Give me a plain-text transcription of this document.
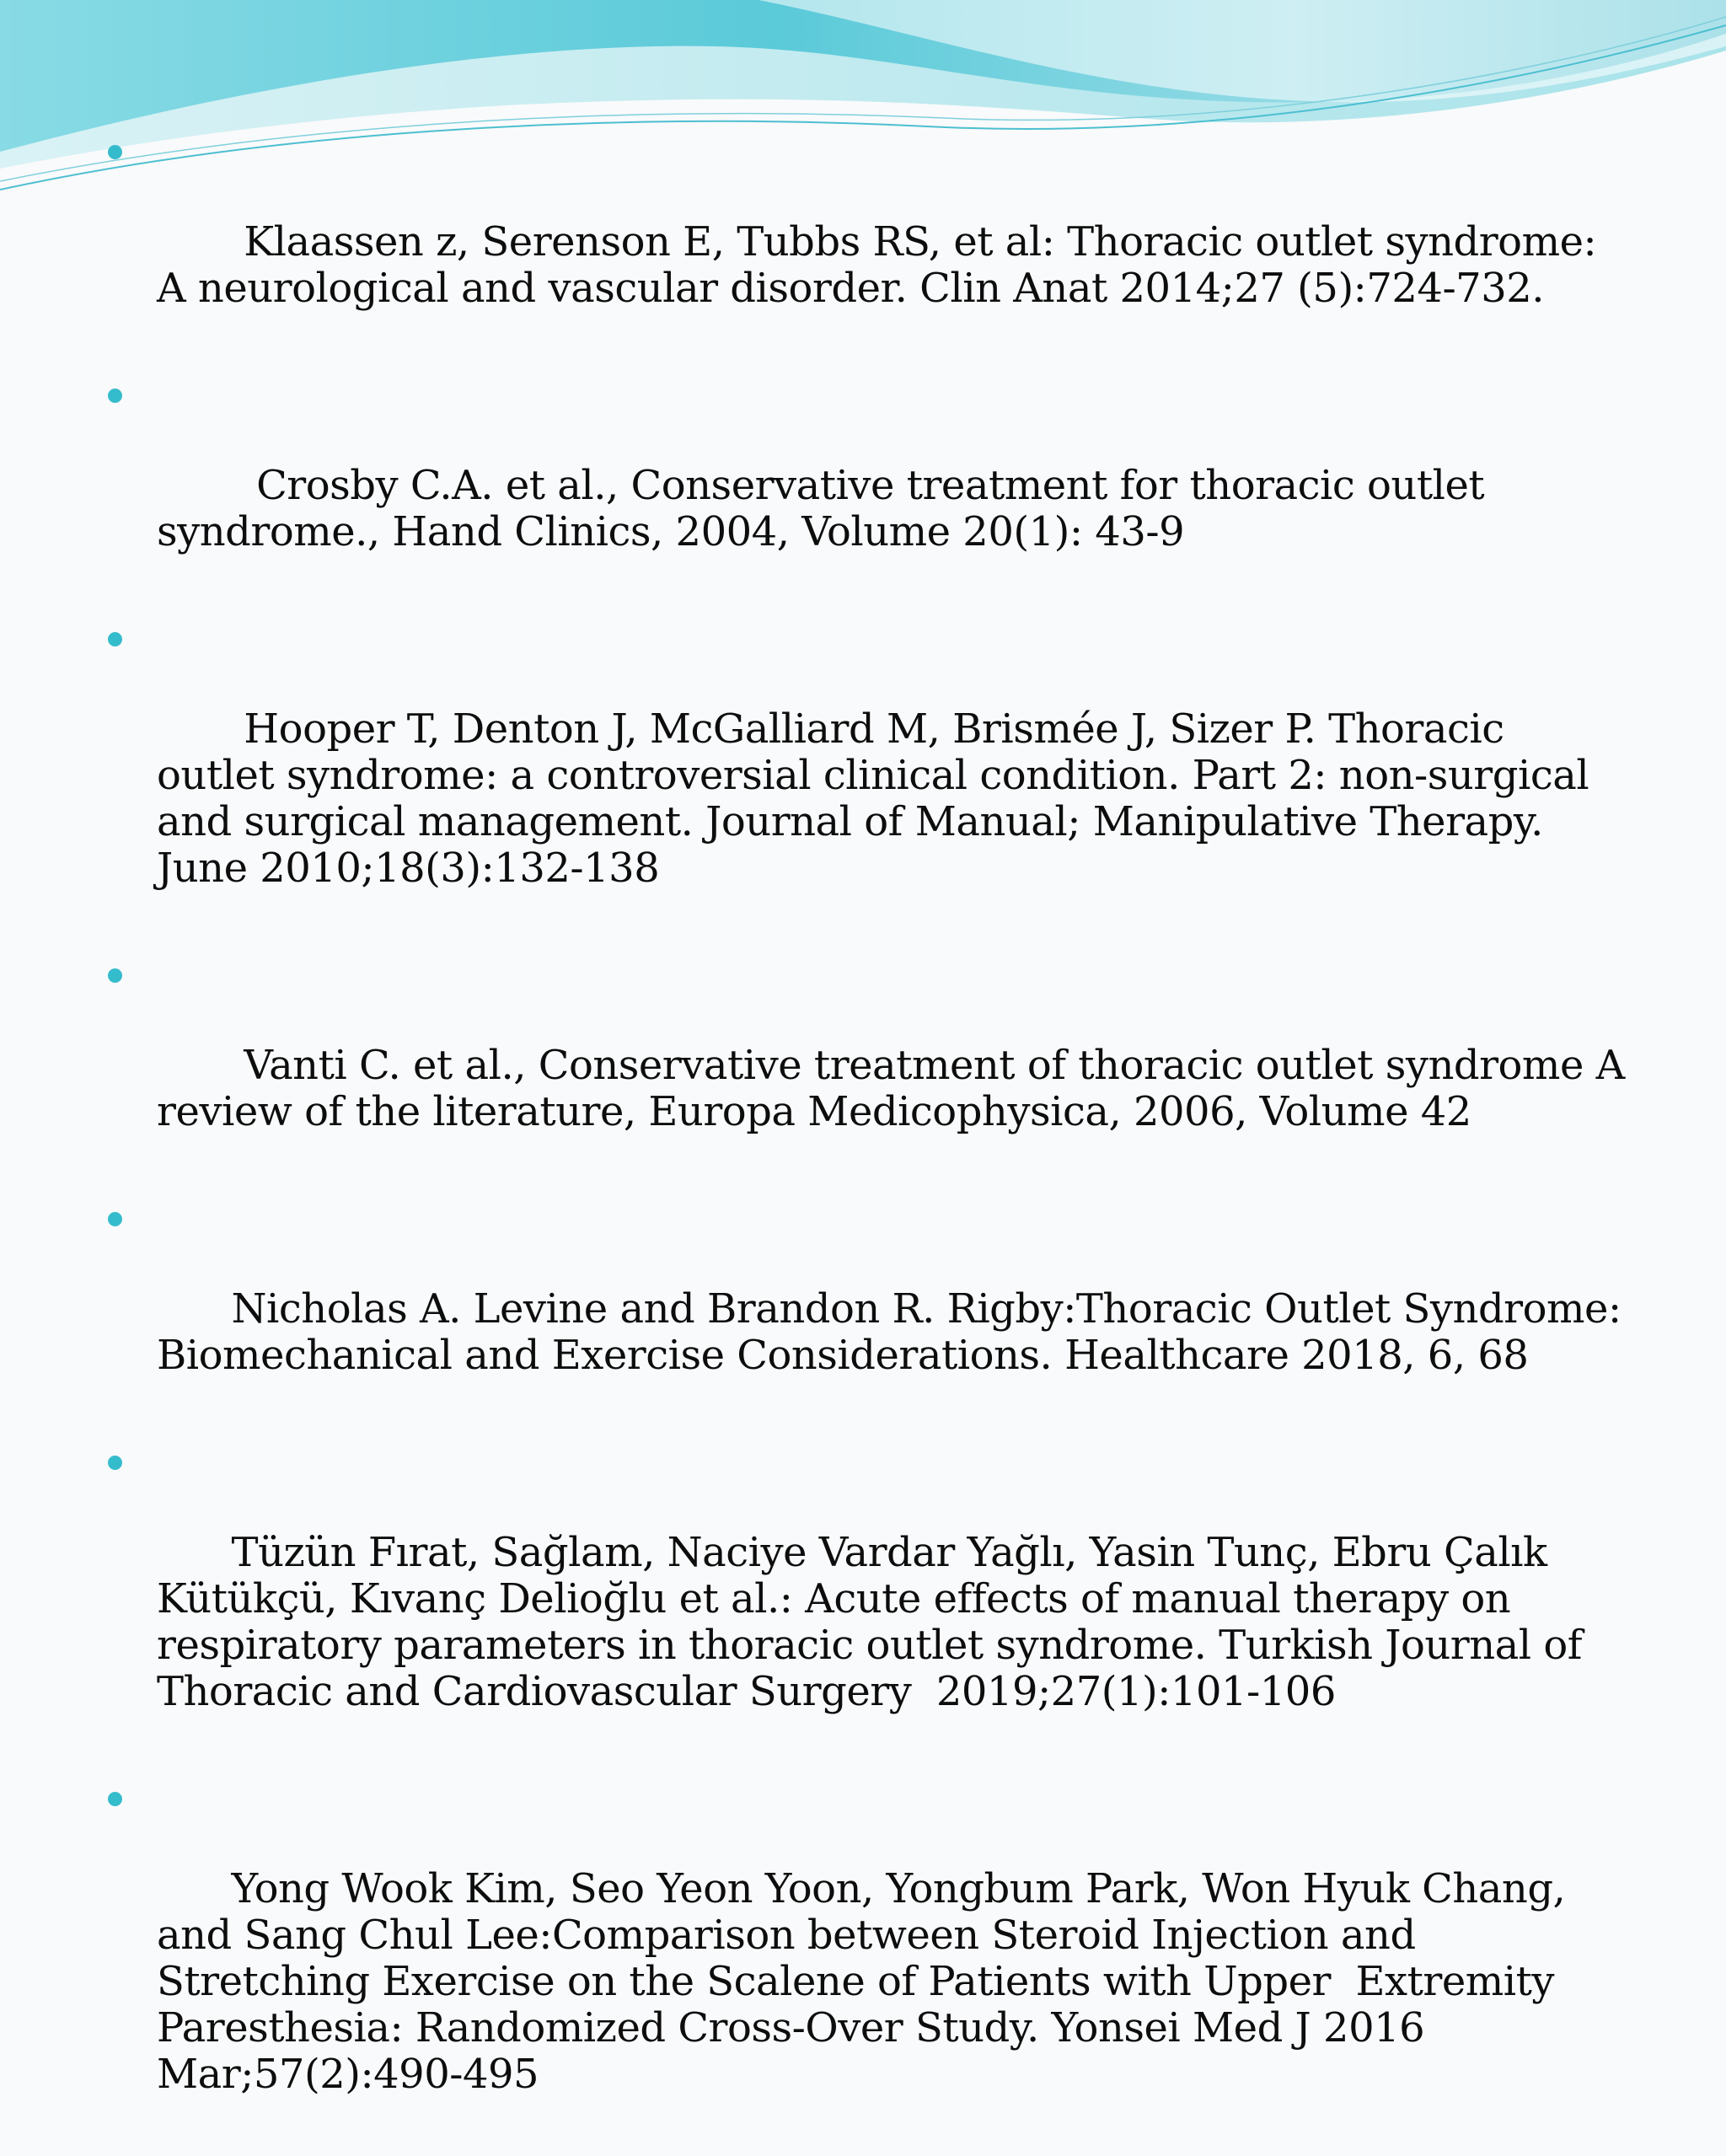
Klaassen z, Serenson E, Tubbs RS, et al: Thoracic outlet syndrome: A neurological and vascular disorder. Clin Anat 2014;27 (5):724-732.

Crosby C.A. et al., Conservative treatment for thoracic outlet syndrome., Hand Clinics, 2004, Volume 20(1): 43-9

Hooper T, Denton J, McGalliard M, Brismée J, Sizer P. Thoracic outlet syndrome: a controversial clinical condition. Part 2: non-surgical and surgical management. Journal of Manual; Manipulative Therapy. June 2010;18(3):132-138

Vanti C. et al., Conservative treatment of thoracic outlet syndrome A review of the literature, Europa Medicophysica, 2006, Volume 42

Nicholas A. Levine and Brandon R. Rigby:Thoracic Outlet Syndrome: Biomechanical and Exercise Considerations. Healthcare 2018, 6, 68

Tüzün Fırat, Sağlam, Naciye Vardar Yağlı, Yasin Tunç, Ebru Çalık Kütükçü, Kıvanç Delioğlu et al.: Acute effects of manual therapy on respiratory parameters in thoracic outlet syndrome. Turkish Journal of Thoracic and Cardiovascular Surgery  2019;27(1):101-106

Yong Wook Kim, Seo Yeon Yoon, Yongbum Park, Won Hyuk Chang, and Sang Chul Lee:Comparison between Steroid Injection and Stretching Exercise on the Scalene of Patients with Upper  Extremity Paresthesia: Randomized Cross-Over Study. Yonsei Med J 2016 Mar;57(2):490-495
